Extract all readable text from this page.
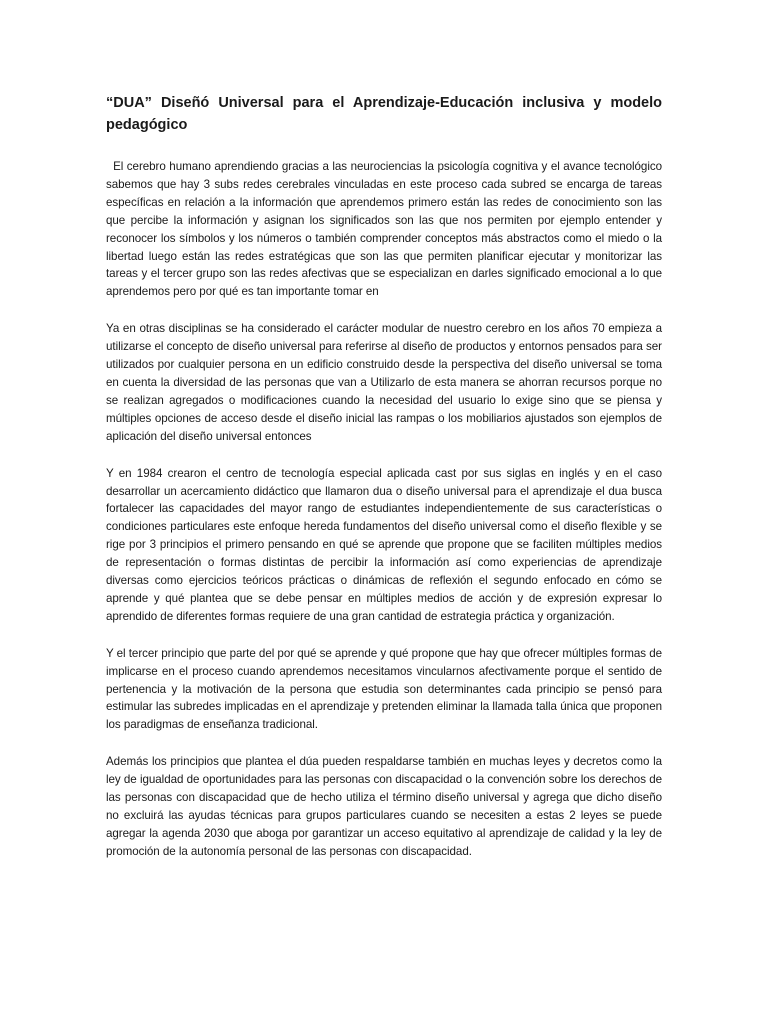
“DUA” Diseñó Universal para el Aprendizaje-Educación inclusiva y modelo pedagógico

El cerebro humano aprendiendo gracias a las neurociencias la psicología cognitiva y el avance tecnológico sabemos que hay 3 subs redes cerebrales vinculadas en este proceso cada subred se encarga de tareas específicas en relación a la información que aprendemos primero están las redes de conocimiento son las que percibe la información y asignan los significados son las que nos permiten por ejemplo entender y reconocer los símbolos y los números o también comprender conceptos más abstractos como el miedo o la libertad luego están las redes estratégicas que son las que permiten planificar ejecutar y monitorizar las tareas y el tercer grupo son las redes afectivas que se especializan en darles significado emocional a lo que aprendemos pero por qué es tan importante tomar en

Ya en otras disciplinas se ha considerado el carácter modular de nuestro cerebro en los años 70 empieza a utilizarse el concepto de diseño universal para referirse al diseño de productos y entornos pensados para ser utilizados por cualquier persona en un edificio construido desde la perspectiva del diseño universal se toma en cuenta la diversidad de las personas que van a Utilizarlo de esta manera se ahorran recursos porque no se realizan agregados o modificaciones cuando la necesidad del usuario lo exige sino que se piensa y múltiples opciones de acceso desde el diseño inicial las rampas o los mobiliarios ajustados son ejemplos de aplicación del diseño universal entonces

Y en 1984 crearon el centro de tecnología especial aplicada cast por sus siglas en inglés y en el caso desarrollar un acercamiento didáctico que llamaron dua o diseño universal para el aprendizaje el dua busca fortalecer las capacidades del mayor rango de estudiantes independientemente de sus características o condiciones particulares este enfoque hereda fundamentos del diseño universal como el diseño flexible y se rige por 3 principios el primero pensando en qué se aprende que propone que se faciliten múltiples medios de representación o formas distintas de percibir la información así como experiencias de aprendizaje diversas como ejercicios teóricos prácticas o dinámicas de reflexión el segundo enfocado en cómo se aprende y qué plantea que se debe pensar en múltiples medios de acción y de expresión expresar lo aprendido de diferentes formas requiere de una gran cantidad de estrategia práctica y organización.

Y el tercer principio que parte del por qué se aprende y qué propone que hay que ofrecer múltiples formas de implicarse en el proceso cuando aprendemos necesitamos vincularnos afectivamente porque el sentido de pertenencia y la motivación de la persona que estudia son determinantes cada principio se pensó para estimular las subredes implicadas en el aprendizaje y pretenden eliminar la llamada talla única que proponen los paradigmas de enseñanza tradicional.

Además los principios que plantea el dúa pueden respaldarse también en muchas leyes y decretos como la ley de igualdad de oportunidades para las personas con discapacidad o la convención sobre los derechos de las personas con discapacidad que de hecho utiliza el término diseño universal y agrega que dicho diseño no excluirá las ayudas técnicas para grupos particulares cuando se necesiten a estas 2 leyes se puede agregar la agenda 2030 que aboga por garantizar un acceso equitativo al aprendizaje de calidad y la ley de promoción de la autonomía personal de las personas con discapacidad.
